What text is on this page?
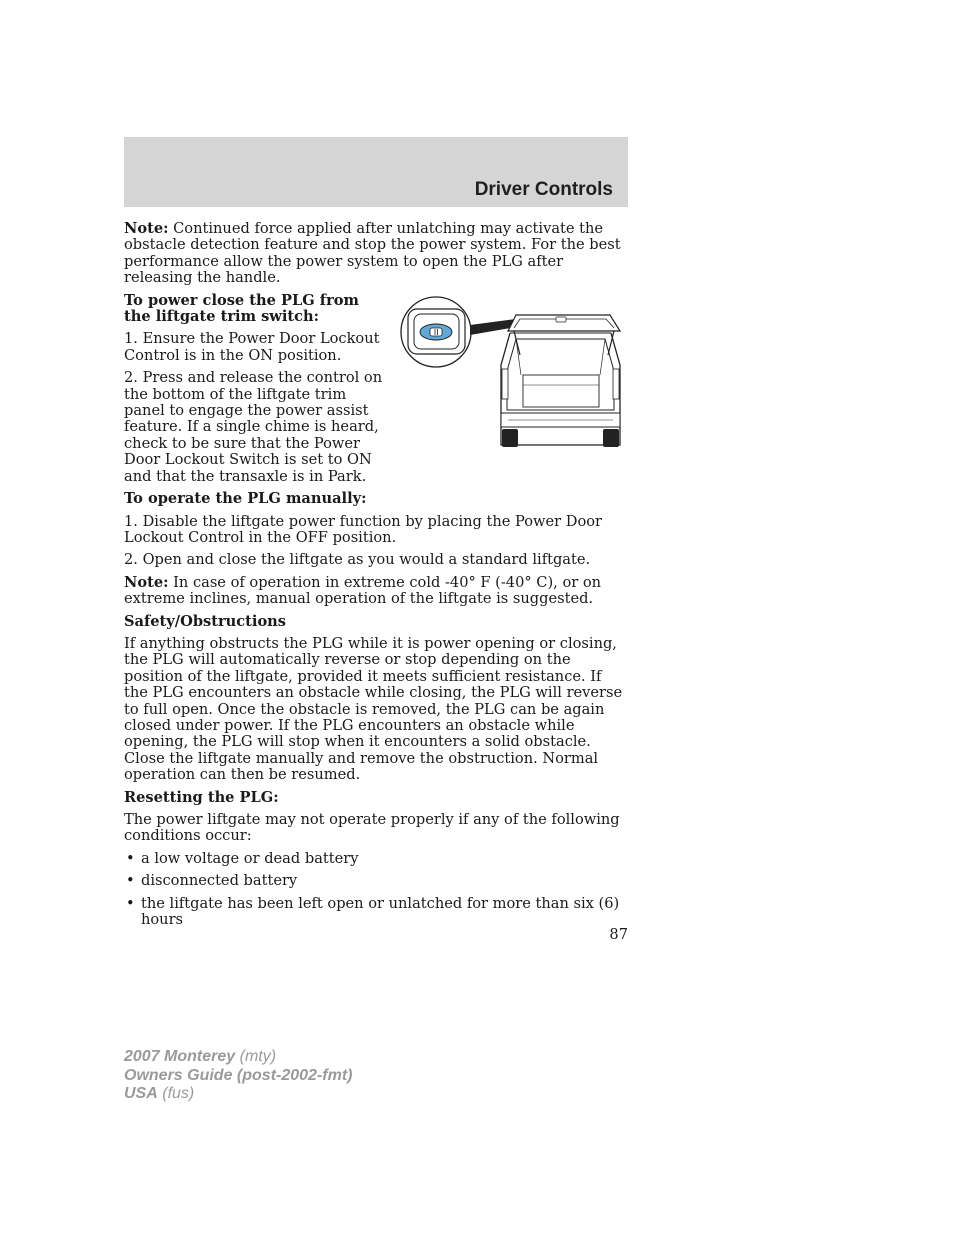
Driver Controls

Note: Continued force applied after unlatching may activate the obstacle detection feature and stop the power system. For the best performance allow the power system to open the PLG after releasing the handle.

To power close the PLG from the liftgate trim switch:

1. Ensure the Power Door Lockout Control is in the ON position.

2. Press and release the control on the bottom of the liftgate trim panel to engage the power assist feature. If a single chime is heard, check to be sure that the Power Door Lockout Switch is set to ON and that the transaxle is in Park.

To operate the PLG manually:

1. Disable the liftgate power function by placing the Power Door Lockout Control in the OFF position.

2. Open and close the liftgate as you would a standard liftgate.

Note: In case of operation in extreme cold -40° F (-40° C), or on extreme inclines, manual operation of the liftgate is suggested.

Safety/Obstructions

If anything obstructs the PLG while it is power opening or closing, the PLG will automatically reverse or stop depending on the position of the liftgate, provided it meets sufficient resistance. If the PLG encounters an obstacle while closing, the PLG will reverse to full open. Once the obstacle is removed, the PLG can be again closed under power. If the PLG encounters an obstacle while opening, the PLG will stop when it encounters a solid obstacle. Close the liftgate manually and remove the obstruction. Normal operation can then be resumed.

Resetting the PLG:

The power liftgate may not operate properly if any of the following conditions occur:

• a low voltage or dead battery
• disconnected battery
• the liftgate has been left open or unlatched for more than six (6) hours
87
2007 Monterey (mty)
Owners Guide (post-2002-fmt)
USA (fus)
